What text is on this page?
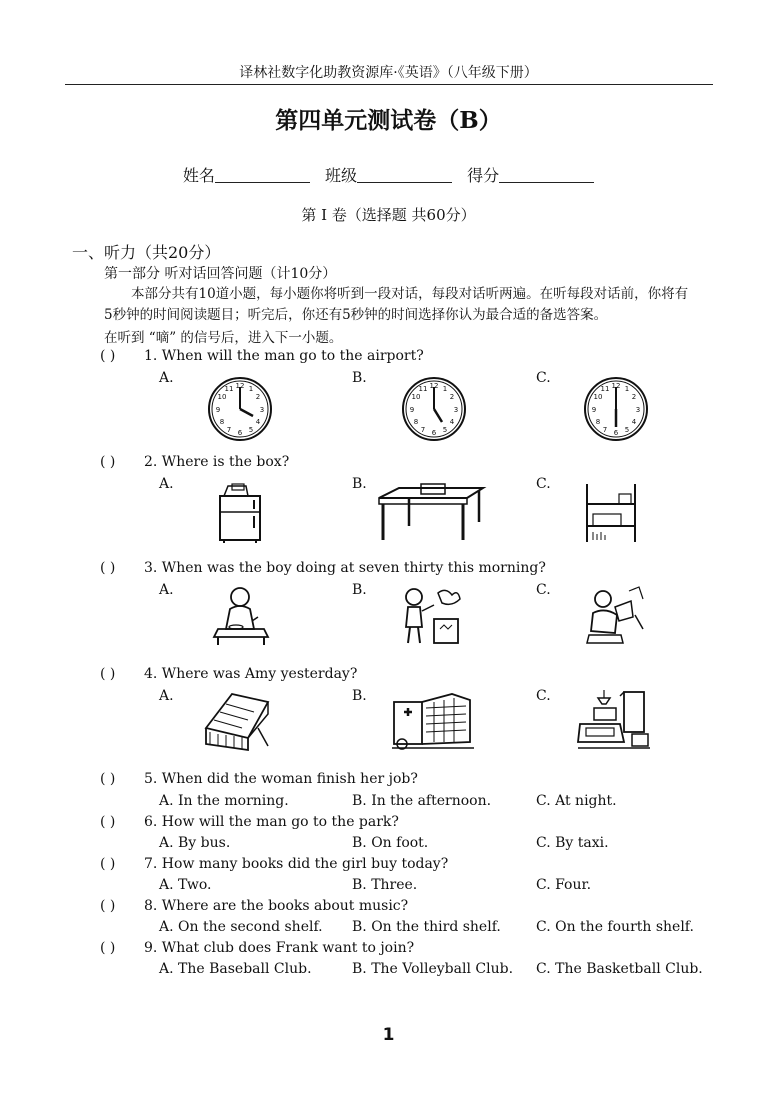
译林社数字化助教资源库·《英语》（八年级下册）
第四单元测试卷（B）
姓名	班级	得分
第 I 卷（选择题 共60分）
一、听力（共20分）
第一部分 听对话回答问题（计10分）

本部分共有10道小题，每小题你将听到一段对话，每段对话听两遍。在听每段对话前，你将有5秒钟的时间阅读题目；听完后，你还有5秒钟的时间选择你认为最合适的备选答案。

在听到 “嘀” 的信号后，进入下一小题。
( ) 1. When will the man go to the airport?
A.	B.	C.
12 1
2
3
4
5
6
7
8
9
10
11	12 1
2
3
4
5
6
7
8
9
10
11	12 1
2
3
4
5
6
7
8
9
10
11
( ) 2. Where is the box?
A.	B.	C.
( ) 3. When was the boy doing at seven thirty this morning?
A.	B.	C.
( ) 4. Where was Amy yesterday?
A.	B.	C.
( ) 5. When did the woman finish her job?
A. In the morning.	B. In the afternoon.	C. At night.
( ) 6. How will the man go to the park?
A. By bus.	B. On foot.	C. By taxi.
( ) 7. How many books did the girl buy today?
A. Two.	B. Three.	C. Four.
( ) 8. Where are the books about music?
A. On the second shelf. B. On the third shelf.	C. On the fourth shelf.
( ) 9. What club does Frank want to join?
A. The Baseball Club.	B. The Volleyball Club. C. The Basketball Club.
1
